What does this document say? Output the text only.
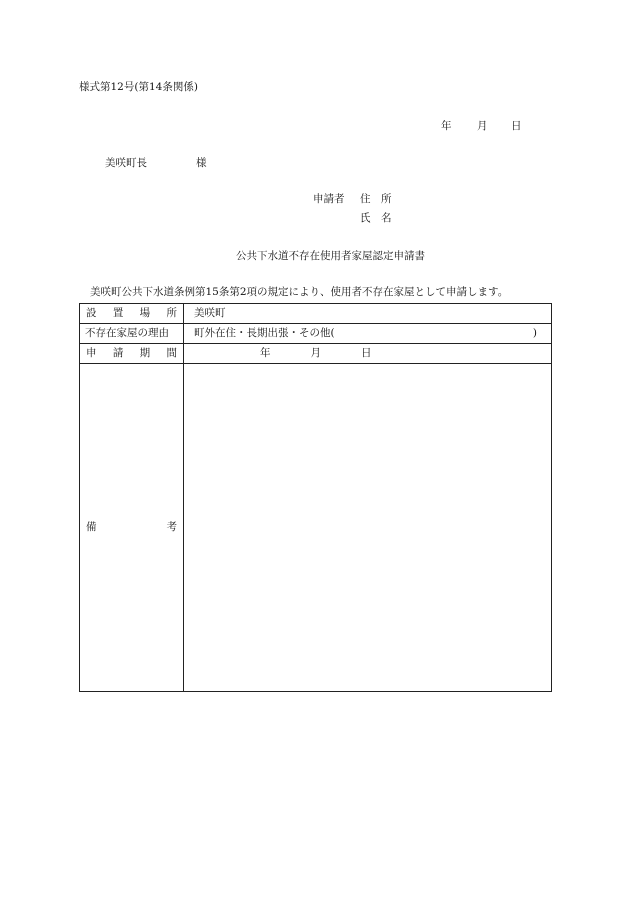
様式第12号(第14条関係)
年 月 日
美咲町長	様
申請者 住　所
氏　名
公共下水道不存在使用者家屋認定申請書
美咲町公共下水道条例第15条第2項の規定により、使用者不存在家屋として申請します。
設 置 場 所	美咲町
不存在家屋の理由	町外在住・長期出張・その他( )

申 請 期 間	年 月 日

備 考	
